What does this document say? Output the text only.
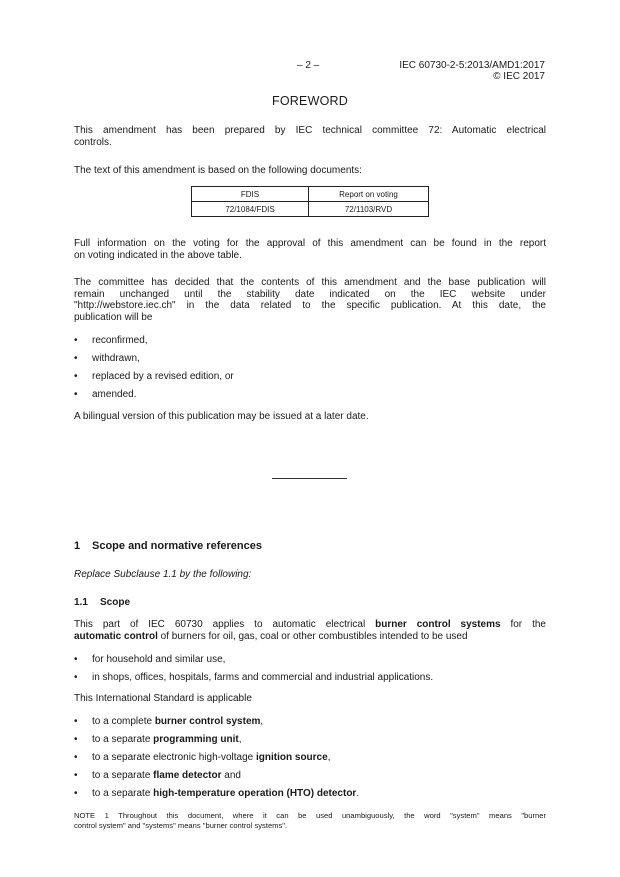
– 2 –	IEC 60730-2-5:2013/AMD1:2017
© IEC 2017
FOREWORD
This amendment has been prepared by IEC technical committee 72: Automatic electrical
controls.
The text of this amendment is based on the following documents:
FDIS	Report on voting
72/1084/FDIS	72/1103/RVD
Full information on the voting for the approval of this amendment can be found in the report
on voting indicated in the above table.
The committee has decided that the contents of this amendment and the base publication will
remain unchanged until the stability date indicated on the IEC website under
"http://webstore.iec.ch" in the data related to the specific publication. At this date, the
publication will be
• reconfirmed,
• withdrawn,
• replaced by a revised edition, or
• amended.
A bilingual version of this publication may be issued at a later date.
1 Scope and normative references
Replace Subclause 1.1 by the following:
1.1 Scope
This part of IEC 60730 applies to automatic electrical burner control systems for the
automatic control of burners for oil, gas, coal or other combustibles intended to be used
• for household and similar use,
• in shops, offices, hospitals, farms and commercial and industrial applications.
This International Standard is applicable
• to a complete burner control system,
• to a separate programming unit,
• to a separate electronic high-voltage ignition source,
• to a separate flame detector and
• to a separate high-temperature operation (HTO) detector.
NOTE 1 Throughout this document, where it can be used unambiguously, the word "system" means "burner
control system" and "systems" means "burner control systems".
